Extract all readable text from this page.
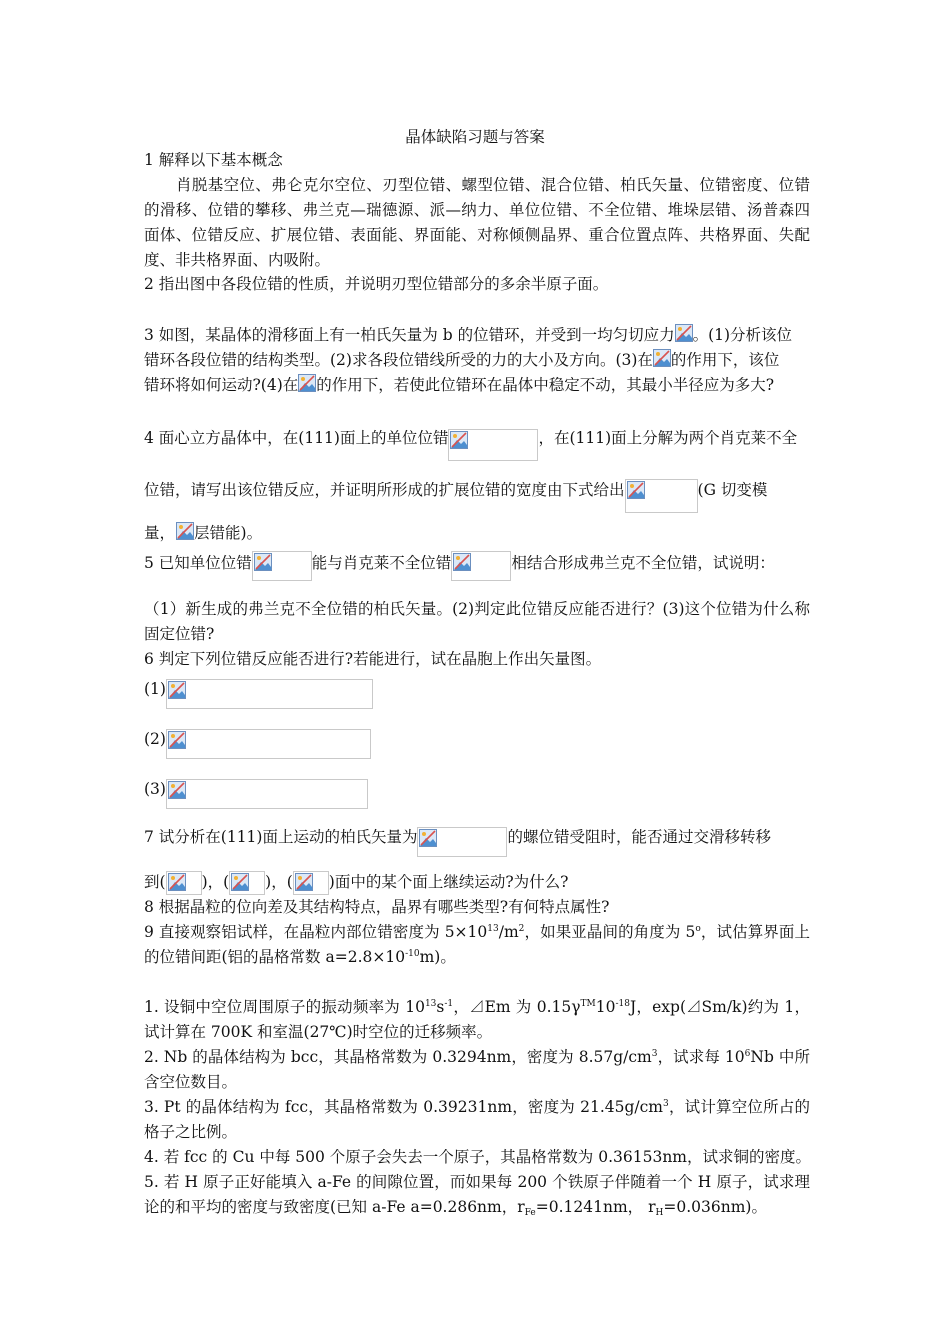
晶体缺陷习题与答案
1 解释以下基本概念
肖脱基空位、弗仑克尔空位、刃型位错、螺型位错、混合位错、柏氏矢量、位错密度、位错的滑移、位错的攀移、弗兰克—瑞德源、派—纳力、单位位错、不全位错、堆垛层错、汤普森四面体、位错反应、扩展位错、表面能、界面能、对称倾侧晶界、重合位置点阵、共格界面、失配度、非共格界面、内吸附。
2 指出图中各段位错的性质，并说明刃型位错部分的多余半原子面。
3 如图，某晶体的滑移面上有一柏氏矢量为 b 的位错环，并受到一均匀切应力 。(1)分析该位
错环各段位错的结构类型。(2)求各段位错线所受的力的大小及方向。(3)在 的作用下，该位
错环将如何运动?(4)在 的作用下，若使此位错环在晶体中稳定不动，其最小半径应为多大?
4 面心立方晶体中，在(111)面上的单位位错	，在(111)面上分解为两个肖克莱不全
位错，请写出该位错反应，并证明所形成的扩展位错的宽度由下式给出	(G 切变模
量， 层错能)。
5 已知单位位错	能与肖克莱不全位错	相结合形成弗兰克不全位错，试说明：
（1）新生成的弗兰克不全位错的柏氏矢量。(2)判定此位错反应能否进行？(3)这个位错为什么称固定位错?
6 判定下列位错反应能否进行?若能进行，试在晶胞上作出矢量图。
(1)
(2)
(3)
7 试分析在(111)面上运动的柏氏矢量为	的螺位错受阻时，能否通过交滑移转移
到( )，( )，( )面中的某个面上继续运动?为什么?
8 根据晶粒的位向差及其结构特点，晶界有哪些类型?有何特点属性?
9 直接观察铝试样，在晶粒内部位错密度为 $5\times 10^{13}/m^2$，如果亚晶间的角度为 5$^o$，试估算界面上的位错间距(铝的晶格常数 $a=2.8\times 10^{-10}m$)。
1. 设铜中空位周围原子的振动频率为 $10^{13}s^{-1}$，⊿Em 为 $0.15\gamma™10^{-18}J$，exp(⊿Sm/k)约为 1，试计算在 700K 和室温(27℃)时空位的迁移频率。
2. Nb 的晶体结构为 bcc，其晶格常数为 0.3294nm，密度为 $8.57g/cm^3$，试求每 $10^6Nb$ 中所含空位数目。
3. Pt 的晶体结构为 fcc，其晶格常数为 0.39231nm，密度为 $21.45g/cm^3$，试计算空位所占的格子之比例。
4. 若 fcc 的 Cu 中每 500 个原子会失去一个原子，其晶格常数为 0.36153nm，试求铜的密度。
5. 若 H 原子正好能填入 a-Fe 的间隙位置，而如果每 200 个铁原子伴随着一个 H 原子，试求理论的和平均的密度与致密度(已知 a-Fe a=0.286nm，$r_{Fe}=0.1241nm$， $r_H=0.036nm$)。
